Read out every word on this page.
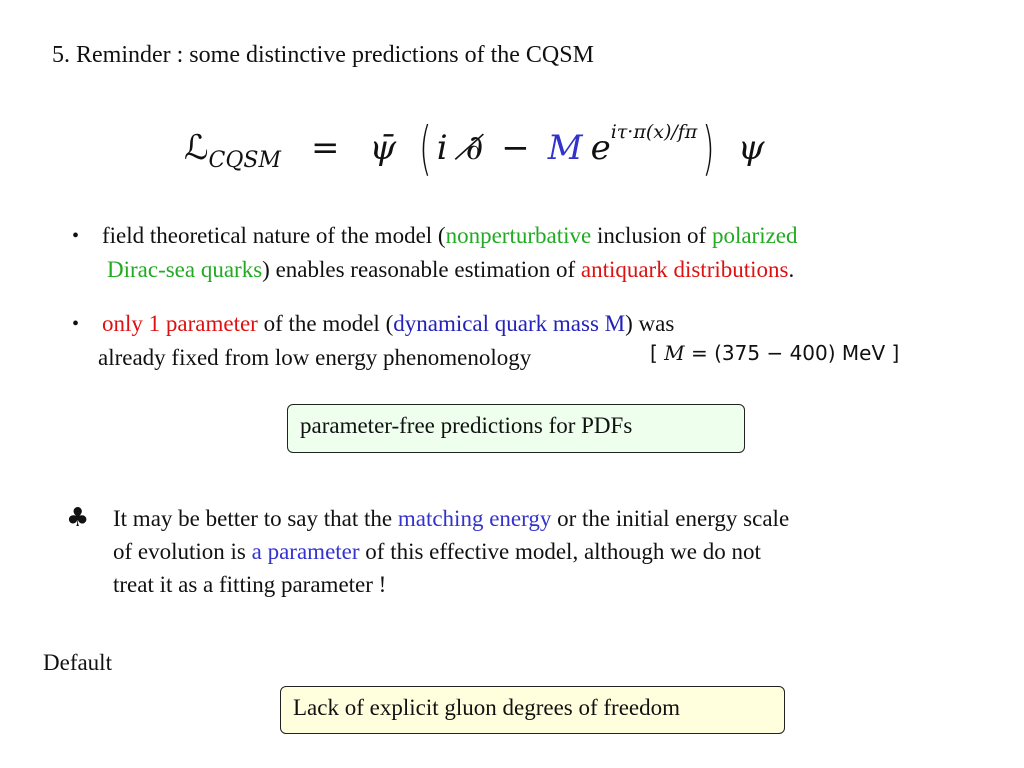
5. Reminder : some distinctive predictions of the CQSM
ℒ CQSM = ψ̄ ( i ∂̸ − M e iτ·π(x)/fπ ) ψ
• field theoretical nature of the model (nonperturbative inclusion of polarized
Dirac-sea quarks) enables reasonable estimation of antiquark distributions.
• only 1 parameter of the model (dynamical quark mass M) was
already fixed from low energy phenomenology	[ M = (375 − 400) MeV ]
parameter-free predictions for PDFs
♣ It may be better to say that the matching energy or the initial energy scale
of evolution is a parameter of this effective model, although we do not
treat it as a fitting parameter !
Default
Lack of explicit gluon degrees of freedom
